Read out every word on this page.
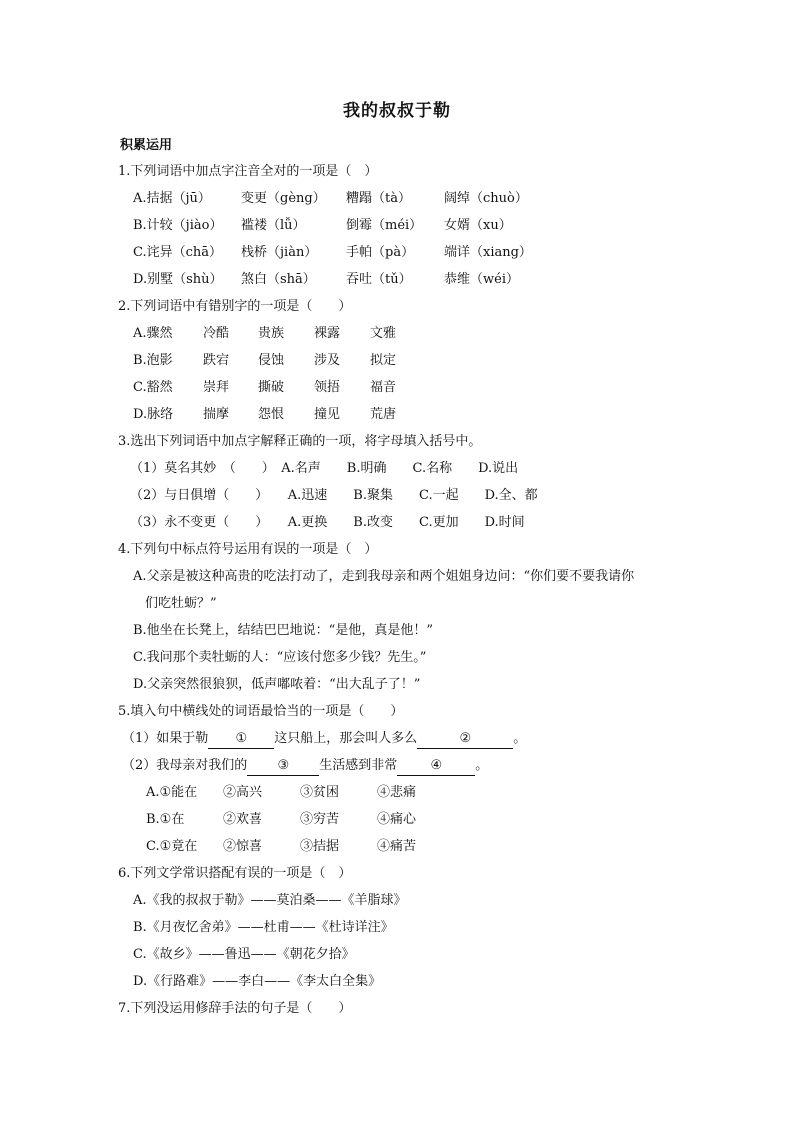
我的叔叔于勒
积累运用
1.下列词语中加点字注音全对的一项是（　）
A.拮据（jū） 变更（gèng） 糟蹋（tà）	阔绰（chuò）
B.计较（jiào） 褴褛（lǚ）	倒霉（méi） 女婿（xu）
C.诧异（chā） 栈桥（jiàn） 手帕（pà） 端详（xiang）
D.别墅（shù） 煞白（shā） 吞吐（tǔ） 恭维（wéi）
2.下列词语中有错别字的一项是（　　）
A.骤然 冷酷 贵族 裸露 文雅
B.泡影 跌宕 侵蚀 涉及 拟定
C.豁然 崇拜 撕破 领捂 福音
D.脉络 揣摩 怨恨 撞见 荒唐
3.选出下列词语中加点字解释正确的一项，将字母填入括号中。
（1）莫名其妙　（　　）　A.名声　　B.明确　　C.名称　　D.说出
（2）与日俱增（　　）　　A.迅速　　B.聚集　　C.一起　　D.全、都
（3）永不变更（　　）　　A.更换　　B.改变　　C.更加　　D.时间
4.下列句中标点符号运用有误的一项是（　）
A.父亲是被这种高贵的吃法打动了，走到我母亲和两个姐姐身边问：“你们要不要我请你
们吃牡蛎？”
B.他坐在长凳上，结结巴巴地说：“是他，真是他！”
C.我问那个卖牡蛎的人：“应该付您多少钱？先生。”
D.父亲突然很狼狈，低声嘟哝着：“出大乱子了！”
5.填入句中横线处的词语最恰当的一项是（　　）
（1）如果于勒 ① 这只船上，那会叫人多么	②	。
（2）我母亲对我们的 ③ 生活感到非常	④	。
A.①能在 ②高兴	③贫困	④悲痛
B.①在	②欢喜	③穷苦	④痛心
C.①竟在 ②惊喜	③拮据	④痛苦
6.下列文学常识搭配有误的一项是（　）
A.《我的叔叔于勒》——莫泊桑——《羊脂球》
B.《月夜忆舍弟》——杜甫——《杜诗详注》
C.《故乡》——鲁迅——《朝花夕拾》
D.《行路难》——李白——《李太白全集》
7.下列没运用修辞手法的句子是（　　）
